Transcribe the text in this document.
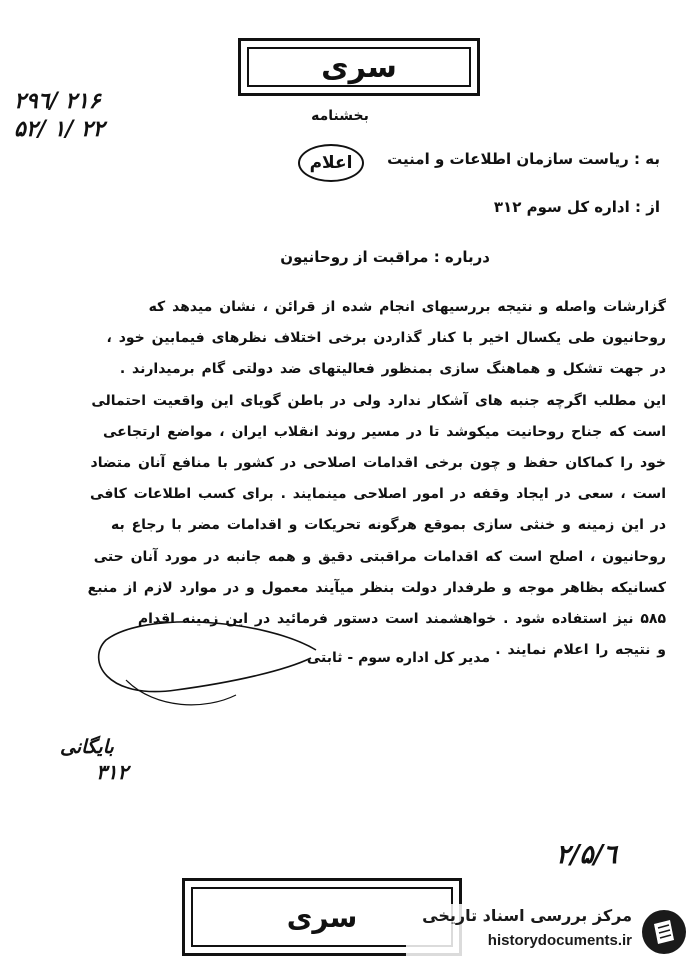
سری
۲۹٦/ ۲۱۶
۵۲/ ۱/ ۲۲	بخشنامه
به : ریاست سازمان اطلاعات و امنیت
اعلام
از : اداره کل سوم ۳۱۲
درباره : مراقبت از روحانیون
گزارشات واصله و نتیجه بررسیهای انجام شده از قرائن ، نشان میدهد که
روحانیون طی یکسال اخیر با کنار گذاردن برخی اختلاف نظرهای فیمابین خود ،
در جهت تشکل و هماهنگ سازی بمنظور فعالیتهای ضد دولتی گام برمیدارند .
این مطلب اگرچه جنبه های آشکار ندارد ولی در باطن گویای این واقعیت احتمالی
است که جناح روحانیت میکوشد تا در مسیر روند انقلاب ایران ، مواضع ارتجاعی
خود را کماکان حفظ و چون برخی اقدامات اصلاحی در کشور با منافع آنان متضاد
است ، سعی در ایجاد وقفه در امور اصلاحی مینمایند . برای کسب اطلاعات کافی
در این زمینه و خنثی سازی بموقع هرگونه تحریکات و اقدامات مضر با رجاع به
روحانیون ، اصلح است که اقدامات مراقبتی دقیق و همه جانبه در مورد آنان حتی
کسانیکه بظاهر موجه و طرفدار دولت بنظر میآیند معمول و در موارد لازم از منبع
۵۸۵ نیز استفاده شود . خواهشمند است دستور فرمائید در این زمینه اقدام
و نتیجه را اعلام نمایند .
مدیر کل اداره سوم - ثابتی
بایگانی
۳۱۲
۲/۵/٦
سری	مرکز بررسی اسناد تاریخی
historydocuments.ir
